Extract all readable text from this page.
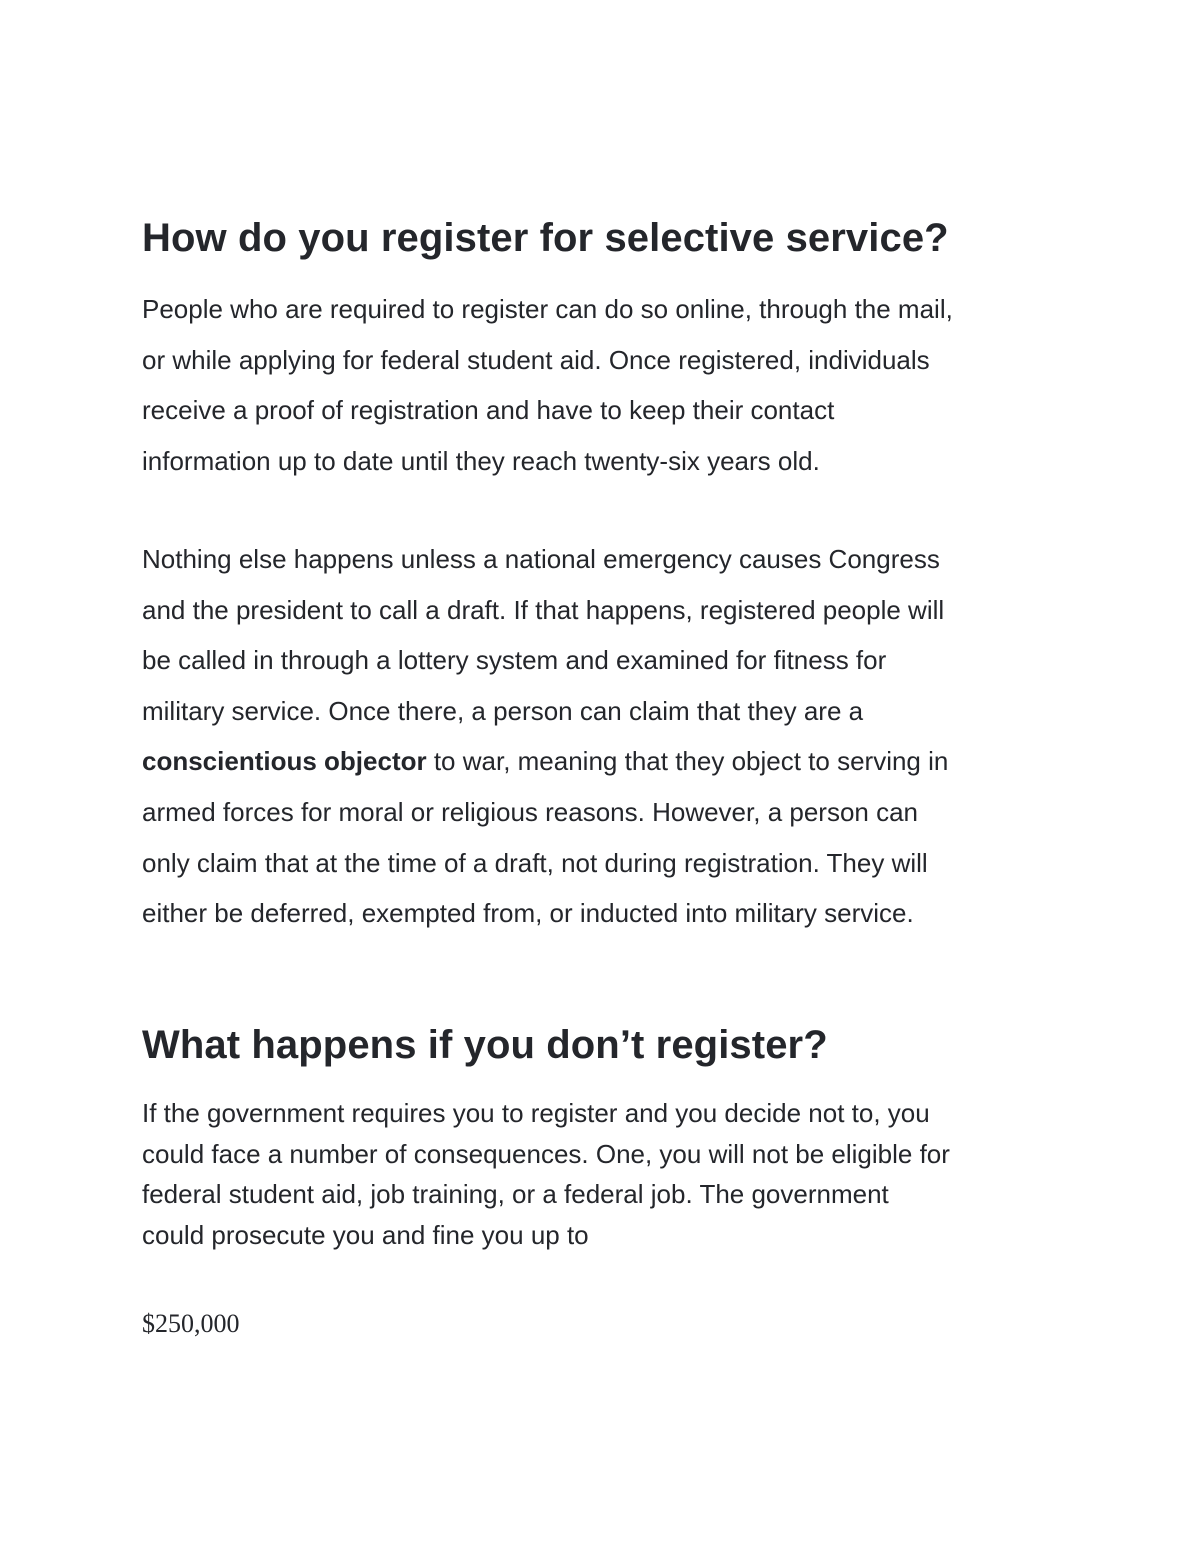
How do you register for selective service?

People who are required to register can do so online, through the mail,
or while applying for federal student aid. Once registered, individuals
receive a proof of registration and have to keep their contact
information up to date until they reach twenty-six years old.

Nothing else happens unless a national emergency causes Congress
and the president to call a draft. If that happens, registered people will
be called in through a lottery system and examined for fitness for
military service. Once there, a person can claim that they are a
conscientious objector to war, meaning that they object to serving in
armed forces for moral or religious reasons. However, a person can
only claim that at the time of a draft, not during registration. They will
either be deferred, exempted from, or inducted into military service.

What happens if you don’t register?

If the government requires you to register and you decide not to, you
could face a number of consequences. One, you will not be eligible for
federal student aid, job training, or a federal job. The government
could prosecute you and fine you up to

$250,000
